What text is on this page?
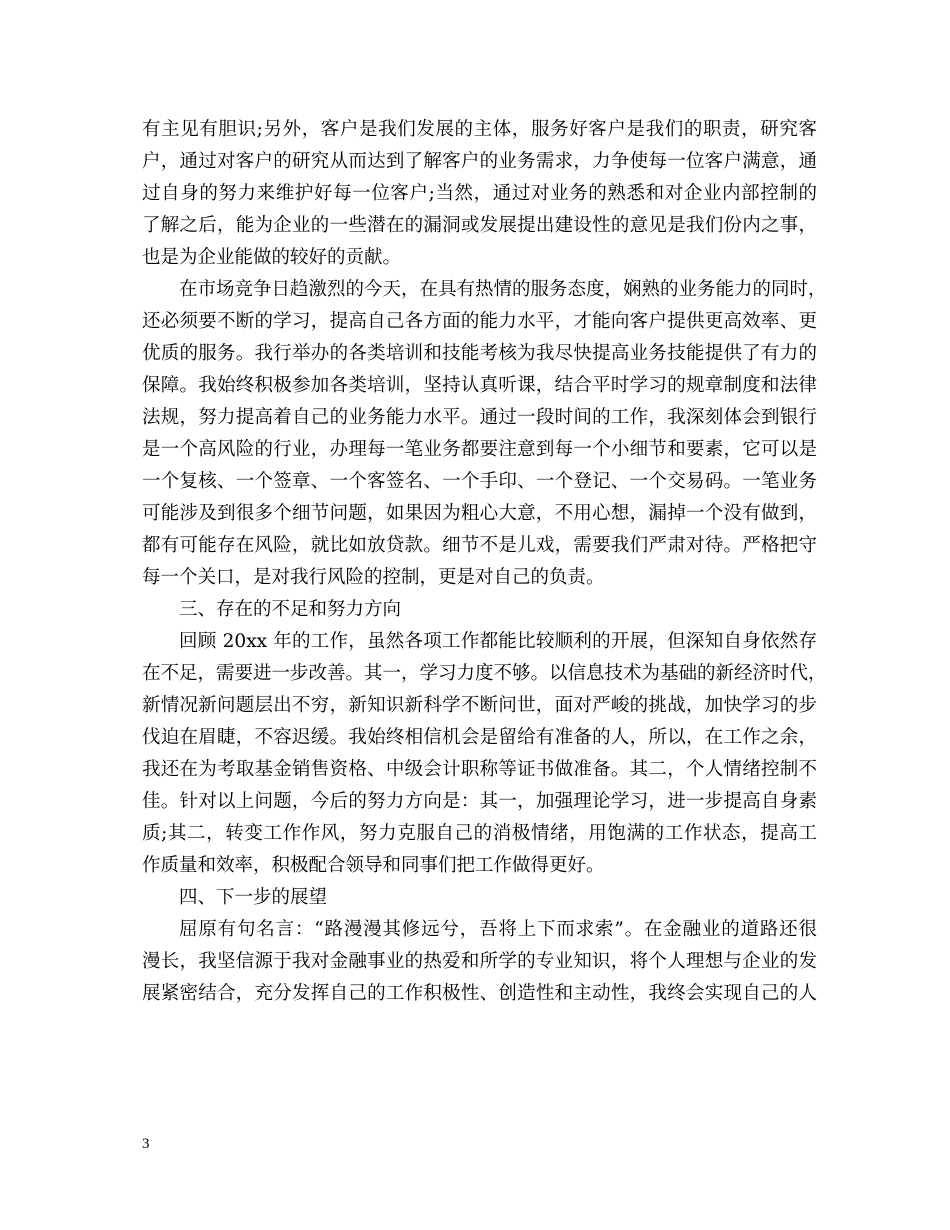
有主见有胆识;另外，客户是我们发展的主体，服务好客户是我们的职责，研究客
户，通过对客户的研究从而达到了解客户的业务需求，力争使每一位客户满意，通
过自身的努力来维护好每一位客户;当然，通过对业务的熟悉和对企业内部控制的
了解之后，能为企业的一些潜在的漏洞或发展提出建设性的意见是我们份内之事，
也是为企业能做的较好的贡献。
在市场竞争日趋激烈的今天，在具有热情的服务态度，娴熟的业务能力的同时，
还必须要不断的学习，提高自己各方面的能力水平，才能向客户提供更高效率、更
优质的服务。我行举办的各类培训和技能考核为我尽快提高业务技能提供了有力的
保障。我始终积极参加各类培训，坚持认真听课，结合平时学习的规章制度和法律
法规，努力提高着自己的业务能力水平。通过一段时间的工作，我深刻体会到银行
是一个高风险的行业，办理每一笔业务都要注意到每一个小细节和要素，它可以是
一个复核、一个签章、一个客签名、一个手印、一个登记、一个交易码。一笔业务
可能涉及到很多个细节问题，如果因为粗心大意，不用心想，漏掉一个没有做到，
都有可能存在风险，就比如放贷款。细节不是儿戏，需要我们严肃对待。严格把守
每一个关口，是对我行风险的控制，更是对自己的负责。
三、存在的不足和努力方向
回顾 20xx 年的工作，虽然各项工作都能比较顺利的开展，但深知自身依然存
在不足，需要进一步改善。其一，学习力度不够。以信息技术为基础的新经济时代，
新情况新问题层出不穷，新知识新科学不断问世，面对严峻的挑战，加快学习的步
伐迫在眉睫，不容迟缓。我始终相信机会是留给有准备的人，所以，在工作之余，
我还在为考取基金销售资格、中级会计职称等证书做准备。其二，个人情绪控制不
佳。针对以上问题，今后的努力方向是：其一，加强理论学习，进一步提高自身素
质;其二，转变工作作风，努力克服自己的消极情绪，用饱满的工作状态，提高工
作质量和效率，积极配合领导和同事们把工作做得更好。
四、下一步的展望
屈原有句名言：“路漫漫其修远兮，吾将上下而求索”。在金融业的道路还很
漫长，我坚信源于我对金融事业的热爱和所学的专业知识，将个人理想与企业的发
展紧密结合，充分发挥自己的工作积极性、创造性和主动性，我终会实现自己的人
3
